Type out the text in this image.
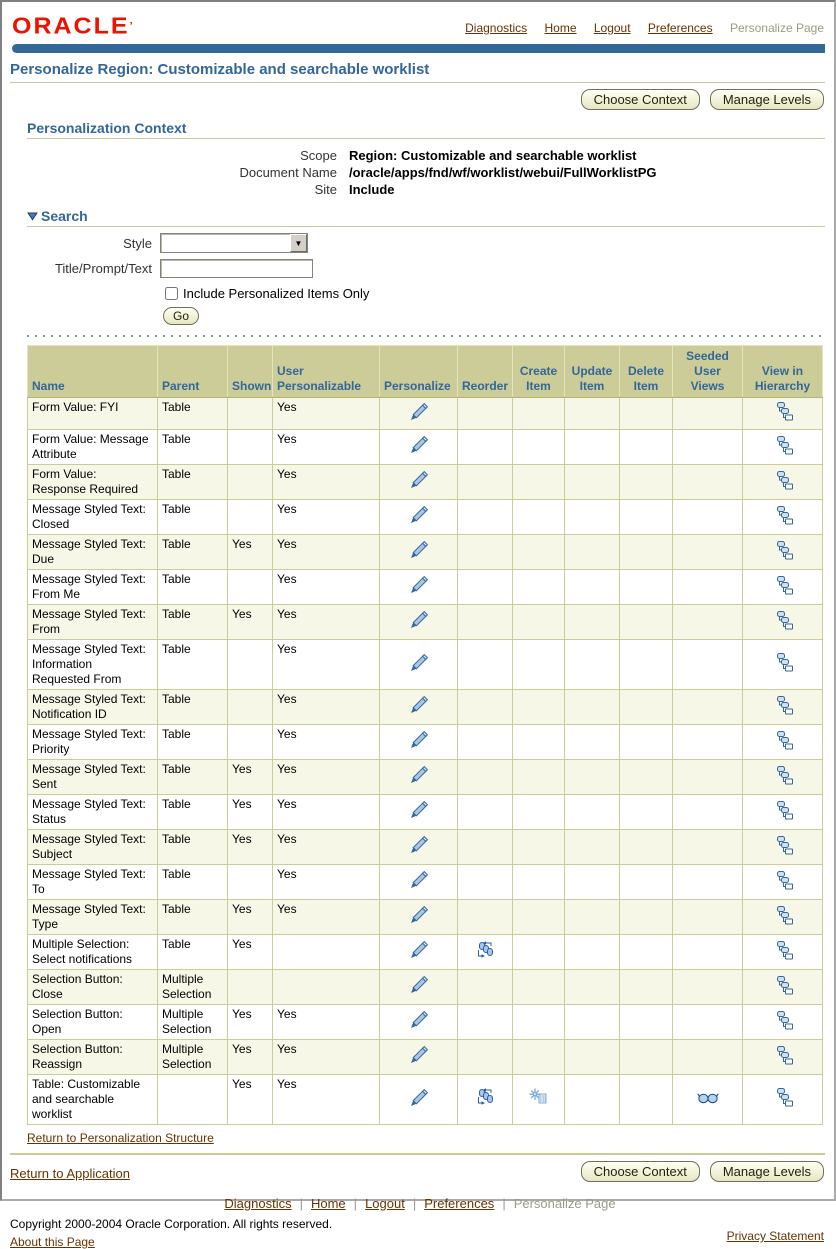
ORACLE’	Diagnostics Home Logout Preferences Personalize Page
Personalize Region: Customizable and searchable worklist
Choose Context	Manage Levels
Personalization Context
Scope Region: Customizable and searchable worklist
Document Name /oracle/apps/fnd/wf/worklist/webui/FullWorklistPG
Site Include
Search
Style	▼
Title/Prompt/Text
Include Personalized Items Only
Go
Name	Parent	Shown	User Personalizable	Personalize	Reorder	Create Item	Update Item	Delete Item	Seeded User Views	View in Hierarchy
Form Value: FYI	Table		Yes							
Form Value: Message Attribute	Table		Yes							
Form Value: Response Required	Table		Yes							
Message Styled Text: Closed	Table		Yes							
Message Styled Text: Due	Table	Yes	Yes							
Message Styled Text: From Me	Table		Yes							
Message Styled Text: From	Table	Yes	Yes							
Message Styled Text: Information Requested From	Table		Yes							
Message Styled Text: Notification ID	Table		Yes							
Message Styled Text: Priority	Table		Yes							
Message Styled Text: Sent	Table	Yes	Yes							
Message Styled Text: Status	Table	Yes	Yes							
Message Styled Text: Subject	Table	Yes	Yes							
Message Styled Text: To	Table		Yes							
Message Styled Text: Type	Table	Yes	Yes							
Multiple Selection: Select notifications	Table	Yes								
Selection Button: Close	Multiple Selection									
Selection Button: Open	Multiple Selection	Yes	Yes							
Selection Button: Reassign	Multiple Selection	Yes	Yes							
Table: Customizable and searchable worklist		Yes	Yes							
Return to Personalization Structure
Return to Application	Choose Context	Manage Levels
Diagnostics | Home | Logout | Preferences | Personalize Page
Copyright 2000-2004 Oracle Corporation. All rights reserved.
About this Page	Privacy Statement
